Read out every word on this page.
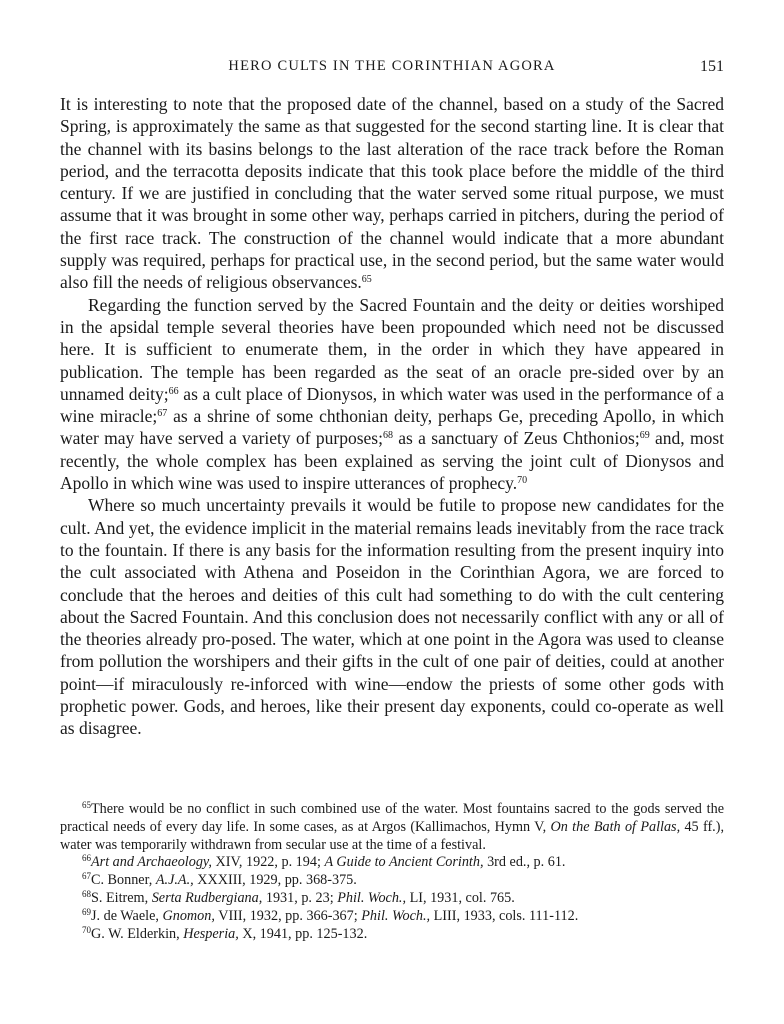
HERO CULTS IN THE CORINTHIAN AGORA	151

It is interesting to note that the proposed date of the channel, based on a study of the Sacred Spring, is approximately the same as that suggested for the second starting line. It is clear that the channel with its basins belongs to the last alteration of the race track before the Roman period, and the terracotta deposits indicate that this took place before the middle of the third century. If we are justified in concluding that the water served some ritual purpose, we must assume that it was brought in some other way, perhaps carried in pitchers, during the period of the first race track. The construction of the channel would indicate that a more abundant supply was required, perhaps for practical use, in the second period, but the same water would also fill the needs of religious observances.$^{65}$

Regarding the function served by the Sacred Fountain and the deity or deities worshiped in the apsidal temple several theories have been propounded which need not be discussed here. It is sufficient to enumerate them, in the order in which they have appeared in publication. The temple has been regarded as the seat of an oracle pre-sided over by an unnamed deity;$^{66}$ as a cult place of Dionysos, in which water was used in the performance of a wine miracle;$^{67}$ as a shrine of some chthonian deity, perhaps Ge, preceding Apollo, in which water may have served a variety of purposes;$^{68}$ as a sanctuary of Zeus Chthonios;$^{69}$ and, most recently, the whole complex has been explained as serving the joint cult of Dionysos and Apollo in which wine was used to inspire utterances of prophecy.$^{70}$

Where so much uncertainty prevails it would be futile to propose new candidates for the cult. And yet, the evidence implicit in the material remains leads inevitably from the race track to the fountain. If there is any basis for the information resulting from the present inquiry into the cult associated with Athena and Poseidon in the Corinthian Agora, we are forced to conclude that the heroes and deities of this cult had something to do with the cult centering about the Sacred Fountain. And this conclusion does not necessarily conflict with any or all of the theories already pro-posed. The water, which at one point in the Agora was used to cleanse from pollution the worshipers and their gifts in the cult of one pair of deities, could at another point—if miraculously re-inforced with wine—endow the priests of some other gods with prophetic power. Gods, and heroes, like their present day exponents, could co-operate as well as disagree.

$^{65}$There would be no conflict in such combined use of the water. Most fountains sacred to the gods served the practical needs of every day life. In some cases, as at Argos (Kallimachos, Hymn V, On the Bath of Pallas, 45 ff.), water was temporarily withdrawn from secular use at the time of a festival.

$^{66}$Art and Archaeology, XIV, 1922, p. 194; A Guide to Ancient Corinth, 3rd ed., p. 61.

$^{67}$C. Bonner, A.J.A., XXXIII, 1929, pp. 368-375.

$^{68}$S. Eitrem, Serta Rudbergiana, 1931, p. 23; Phil. Woch., LI, 1931, col. 765.

$^{69}$J. de Waele, Gnomon, VIII, 1932, pp. 366-367; Phil. Woch., LIII, 1933, cols. 111-112.

$^{70}$G. W. Elderkin, Hesperia, X, 1941, pp. 125-132.
